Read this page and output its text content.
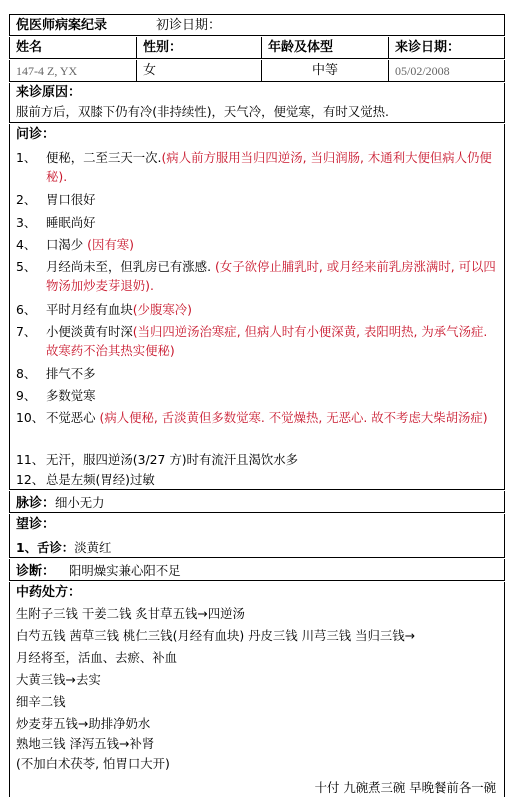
倪医师病案纪录	初诊日期：
姓名	性别：	年龄及体型	来诊日期：
147-4 Z, YX	女	中等	05/02/2008
来诊原因：
服前方后，双膝下仍有冷(非持续性)，天气冷，便觉寒，有时又觉热.
问诊：
1、 便秘，二至三天一次.(病人前方服用当归四逆汤, 当归润肠, 木通利大便但病人仍便秘).
2、 胃口很好
3、 睡眠尚好
4、 口渴少 (因有寒)
5、 月经尚未至，但乳房已有涨感. (女子欲停止脯乳时, 或月经来前乳房涨满时, 可以四物汤加炒麦芽退奶).
6、 平时月经有血块(少腹寒冷)
7、 小便淡黄有时深(当归四逆汤治寒症, 但病人时有小便深黄, 表阳明热, 为承气汤症. 故寒药不治其热实便秘)
8、 排气不多
9、 多数觉寒
10、 不觉恶心 (病人便秘, 舌淡黄但多数觉寒. 不觉燥热, 无恶心. 故不考虑大柴胡汤症)
11、 无汗，服四逆汤(3/27 方)时有流汗且渴饮水多
12、 总是左频(胃经)过敏
脉诊：细小无力
望诊：
1、舌诊：淡黄红
诊断： 阳明燥实兼心阳不足
中药处方：
生附子三钱 干姜二钱 炙甘草五钱→四逆汤
白芍五钱 茜草三钱 桃仁三钱(月经有血块) 丹皮三钱 川芎三钱 当归三钱→
月经将至，活血、去瘀、补血
大黄三钱→去实
细辛二钱
炒麦芽五钱→助排净奶水
熟地三钱 泽泻五钱→补肾
(不加白术茯苓, 怕胃口大开)
十付 九碗煮三碗 早晚餐前各一碗
